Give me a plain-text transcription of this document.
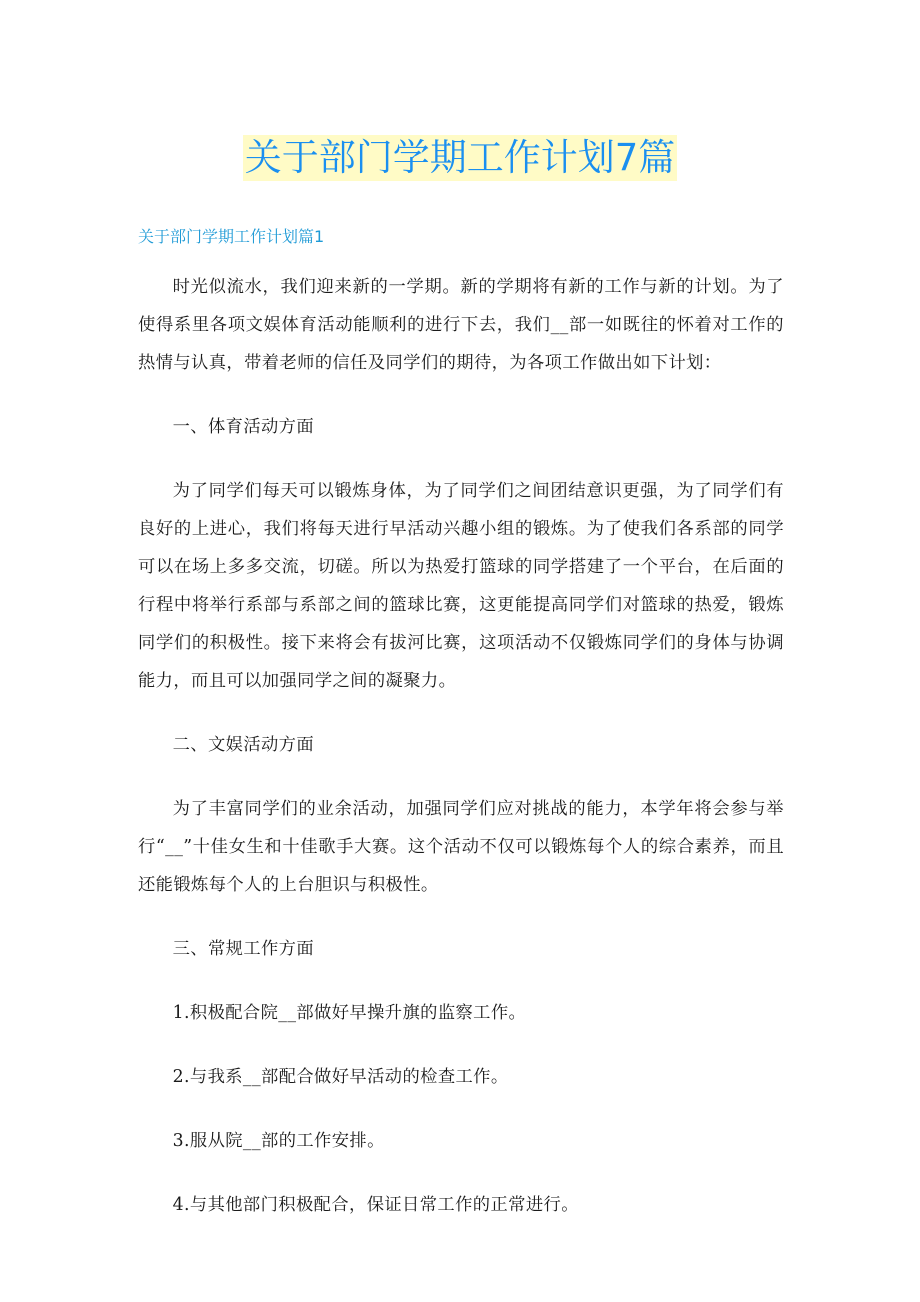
关于部门学期工作计划7篇

关于部门学期工作计划篇1

时光似流水，我们迎来新的一学期。新的学期将有新的工作与新的计划。为了使得系里各项文娱体育活动能顺利的进行下去，我们__部一如既往的怀着对工作的热情与认真，带着老师的信任及同学们的期待，为各项工作做出如下计划：

一、体育活动方面

为了同学们每天可以锻炼身体，为了同学们之间团结意识更强，为了同学们有良好的上进心，我们将每天进行早活动兴趣小组的锻炼。为了使我们各系部的同学可以在场上多多交流，切磋。所以为热爱打篮球的同学搭建了一个平台，在后面的行程中将举行系部与系部之间的篮球比赛，这更能提高同学们对篮球的热爱，锻炼同学们的积极性。接下来将会有拔河比赛，这项活动不仅锻炼同学们的身体与协调能力，而且可以加强同学之间的凝聚力。

二、文娱活动方面

为了丰富同学们的业余活动，加强同学们应对挑战的能力，本学年将会参与举行“__”十佳女生和十佳歌手大赛。这个活动不仅可以锻炼每个人的综合素养，而且还能锻炼每个人的上台胆识与积极性。

三、常规工作方面

1.积极配合院__部做好早操升旗的监察工作。

2.与我系__部配合做好早活动的检查工作。

3.服从院__部的工作安排。

4.与其他部门积极配合，保证日常工作的正常进行。
